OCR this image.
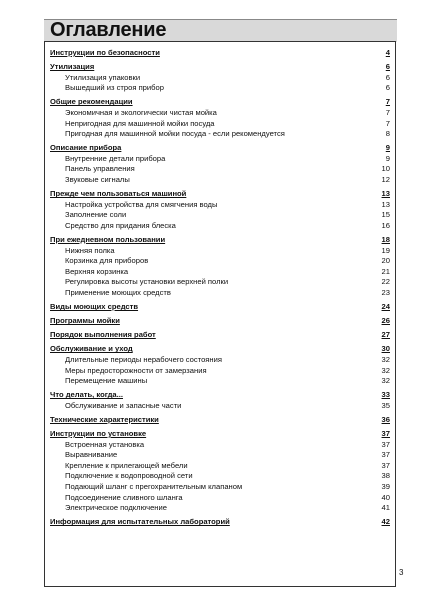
Оглавление
Инструкции по безопасности	4
Утилизация	6
Утилизация упаковки	6
Вышедший из строя прибор	6
Общие рекомендации	7
Экономичная и экологически чистая мойка	7
Непригодная для машинной мойки посуда	7
Пригодная для машинной мойки посуда - если рекомендуется	8
Описание прибора	9
Внутренние детали прибора	9
Панель управления	10
Звуковые сигналы	12
Прежде чем пользоваться машиной	13
Настройка устройства для смягчения воды	13
Заполнение соли	15
Средство для придания блеска	16
При ежедневном пользовании	18
Нижняя полка	19
Корзинка для приборов	20
Верхняя корзинка	21
Регулировка высоты установки верхней полки	22
Применение моющих средств	23
Виды моющих средств	24
Программы мойки	26
Порядок выполнения работ	27
Обслуживание и уход	30
Длительные периоды нерабочего состояния	32
Меры предосторожности от замерзания	32
Перемещение машины	32
Что делать, когда...	33
Обслуживание и запасные части	35
Технические характеристики	36
Инструкции по установке	37
Встроенная установка	37
Выравнивание	37
Крепление к прилегающей мебели	37
Подключение к водопроводной сети	38
Подающий шланг с прегохранительным клапаном	39
Подсоединение сливного шланга	40
Электрическое подключение	41
Информация для испытательных лабораторий	42
3
